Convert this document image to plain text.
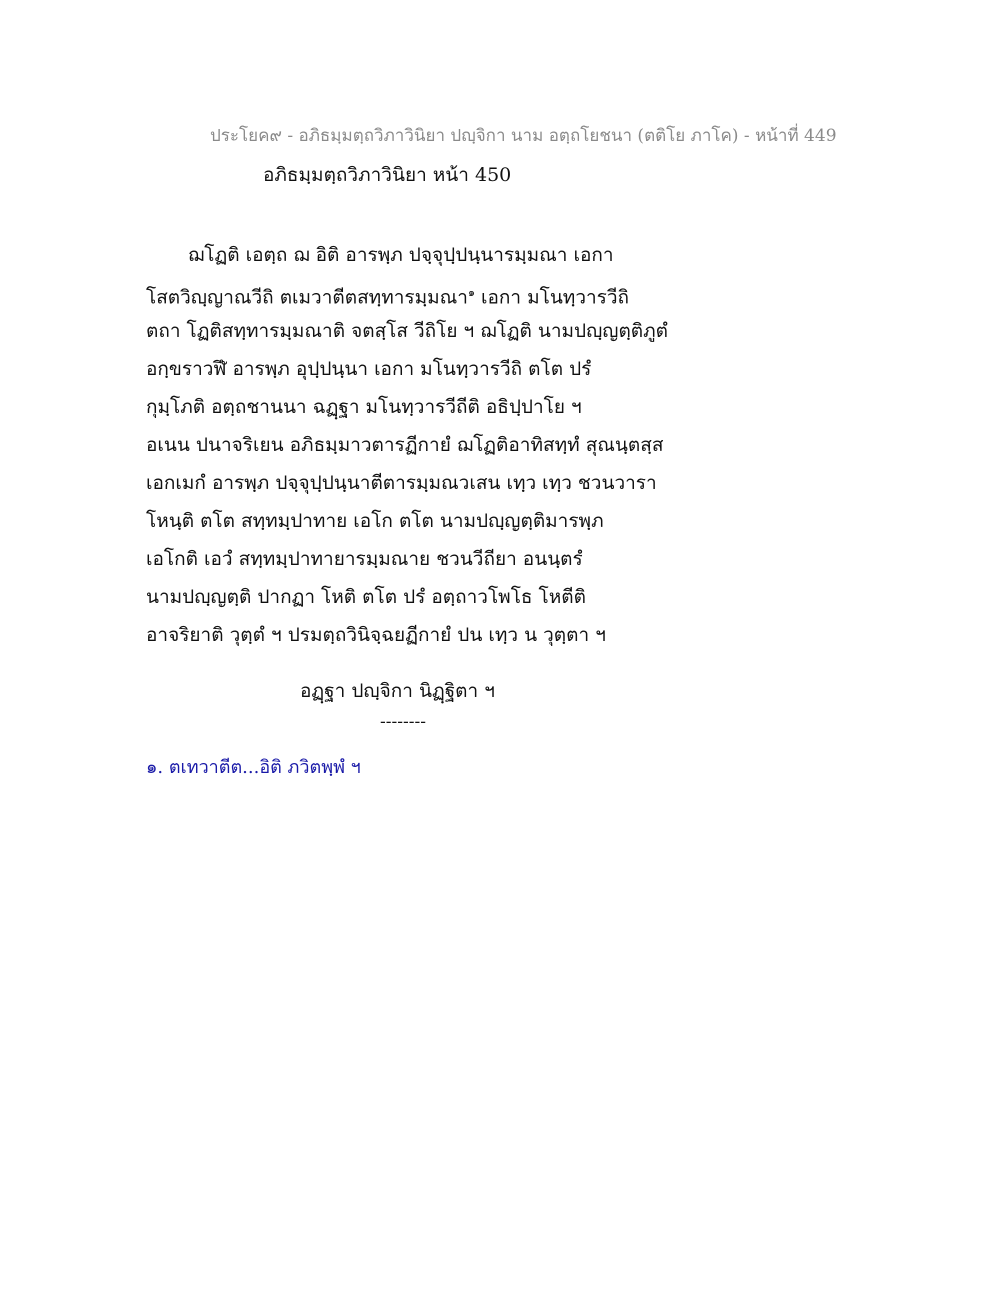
ประโยค๙ - อภิธมฺมตฺถวิภาวินิยา ปญฺจิกา นาม อตฺถโยชนา (ตติโย ภาโค) - หน้าที่ 449
อภิธมฺมตฺถวิภาวินิยา หน้า 450
ฌโฏติ เอตฺถ ฌ อิติ อารพฺภ ปจฺจุปฺปนฺนารมฺมณา เอกา
โสตวิญฺญาณวีถิ ตเมวาตีตสทฺทารมฺมณา$^๑$ เอกา มโนทฺวารวีถิ
ตถา โฏติสทฺทารมฺมณาติ จตสฺโส วีถิโย ฯ ฌโฏติ นามปญฺญตฺติภูตํ
อกฺขราวฬึ อารพฺภ อุปฺปนฺนา เอกา มโนทฺวารวีถิ ตโต ปรํ
กุมฺโภติ อตฺถชานนา ฉฏฺฐา มโนทฺวารวีถีติ อธิปฺปาโย ฯ
อเนน ปนาจริเยน อภิธมฺมาวตารฏีกายํ ฌโฏติอาทิสทฺทํ สุณนฺตสฺส
เอกเมกํ อารพฺภ ปจฺจุปฺปนฺนาตีตารมฺมณวเสน เทฺว เทฺว ชวนวารา
โหนฺติ ตโต สทฺทมฺปาทาย เอโก ตโต นามปญฺญตฺติมารพฺภ
เอโกติ เอวํ สทฺทมฺปาทายารมฺมณาย ชวนวีถียา อนนฺตรํ
นามปญฺญตฺติ ปากฏา โหติ ตโต ปรํ อตฺถาวโพโธ โหตีติ
อาจริยาติ วุตฺตํ ฯ ปรมตฺถวินิจฺฉยฏีกายํ ปน เทฺว น วุตฺตา ฯ
อฏฺฐา ปญฺจิกา นิฏฺฐิตา ฯ
--------
๑. ตเทวาตีต...อิติ ภวิตพฺพํ ฯ
